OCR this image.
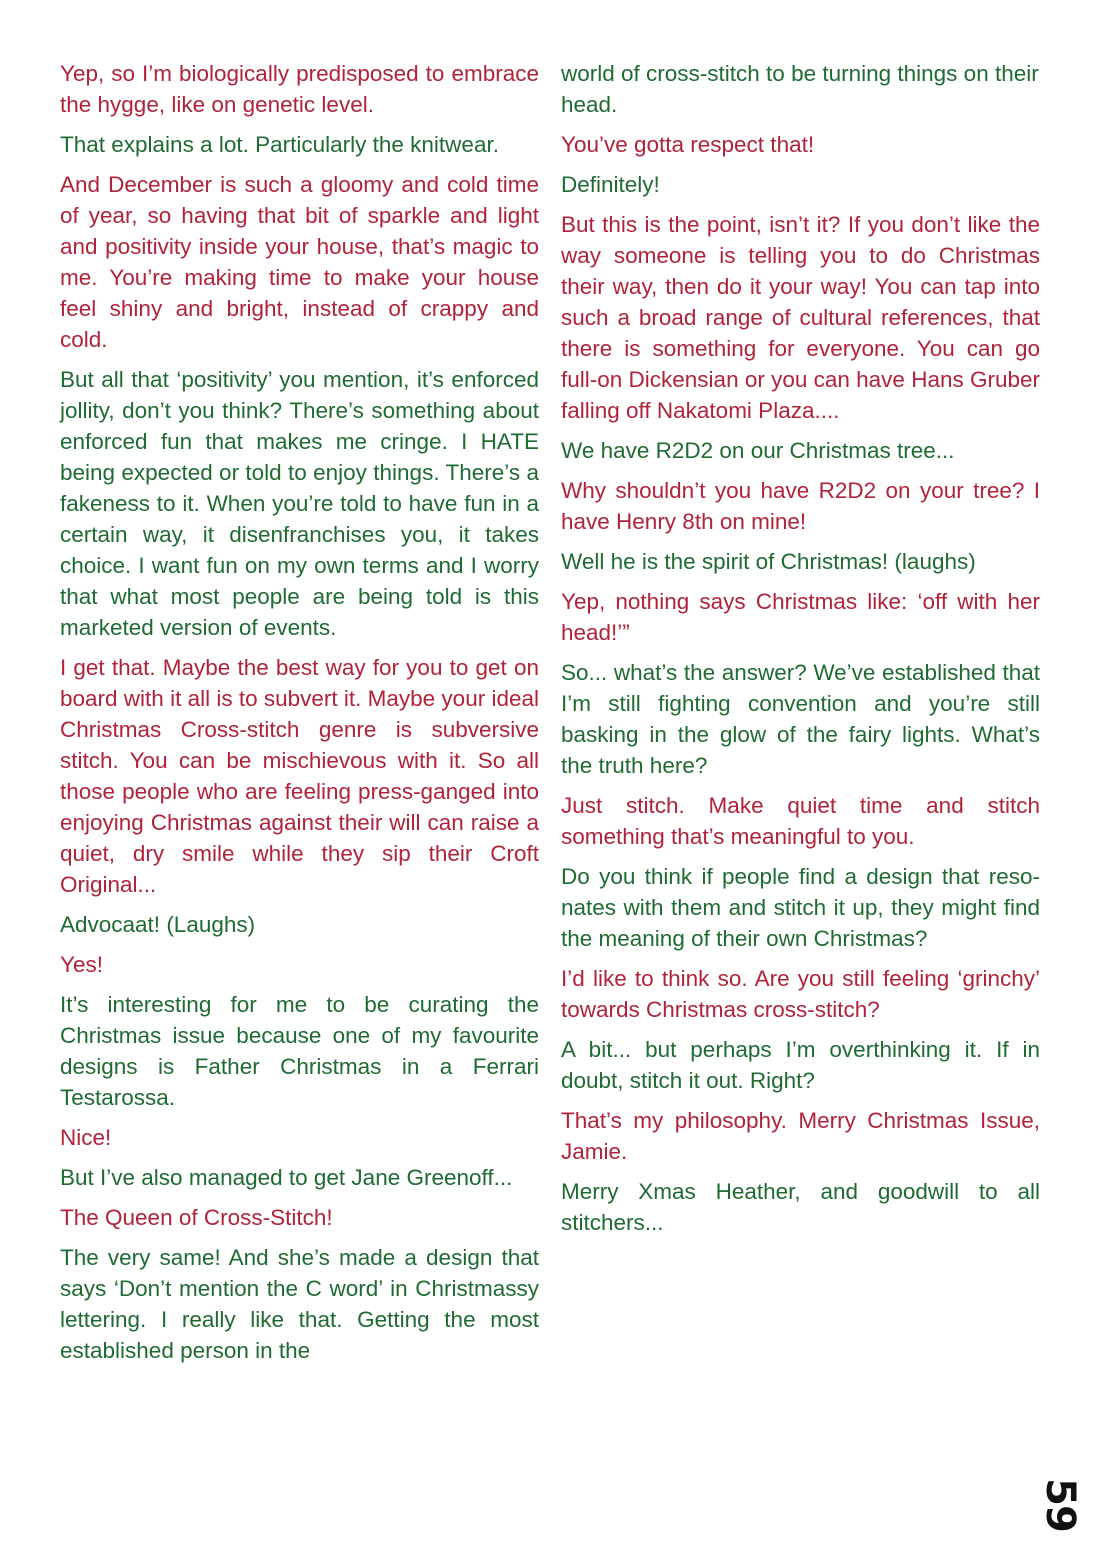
Yep, so I’m biologically predisposed to embrace the hygge, like on genetic level.

That explains a lot. Particularly the knitwear.

And December is such a gloomy and cold time of year, so having that bit of sparkle and light and positivity inside your house, that’s magic to me. You’re making time to make your house feel shiny and bright, instead of crappy and cold.

But all that ‘positivity’ you mention, it’s enforced jollity, don’t you think? There’s something about enforced fun that makes me cringe. I HATE being expected or told to enjoy things. There’s a fakeness to it. When you’re told to have fun in a certain way, it disenfranchises you, it takes choice. I want fun on my own terms and I worry that what most people are being told is this marketed version of events.

I get that. Maybe the best way for you to get on board with it all is to subvert it. Maybe your ideal Christmas Cross-stitch genre is subversive stitch. You can be mischievous with it. So all those people who are feeling press-ganged into enjoying Christmas against their will can raise a quiet, dry smile while they sip their Croft Original...

Advocaat! (Laughs)

Yes!

It’s interesting for me to be curating the Christmas issue because one of my favourite designs is Father Christmas in a Ferrari Testarossa.

Nice!

But I’ve also managed to get Jane Greenoff...

The Queen of Cross-Stitch!

The very same! And she’s made a design that says ‘Don’t mention the C word’ in Christmassy lettering. I really like that. Getting the most established person in the

world of cross-stitch to be turning things on their head.

You’ve gotta respect that!

Definitely!

But this is the point, isn’t it? If you don’t like the way someone is telling you to do Christmas their way, then do it your way! You can tap into such a broad range of cultural references, that there is something for everyone. You can go full-on Dickensian or you can have Hans Gruber falling off Nakatomi Plaza....

We have R2D2 on our Christmas tree...

Why shouldn’t you have R2D2 on your tree? I have Henry 8th on mine!

Well he is the spirit of Christmas! (laughs)

Yep, nothing says Christmas like: ‘off with her head!’”

So... what’s the answer? We’ve established that I’m still fighting convention and you’re still basking in the glow of the fairy lights. What’s the truth here?

Just stitch. Make quiet time and stitch something that’s meaningful to you.

Do you think if people find a design that resonates with them and stitch it up, they might find the meaning of their own Christmas?

I’d like to think so. Are you still feeling ‘grinchy’ towards Christmas cross-stitch?

A bit... but perhaps I’m overthinking it. If in doubt, stitch it out. Right?

That’s my philosophy. Merry Christmas Issue, Jamie.

Merry Xmas Heather, and goodwill to all stitchers...

59
